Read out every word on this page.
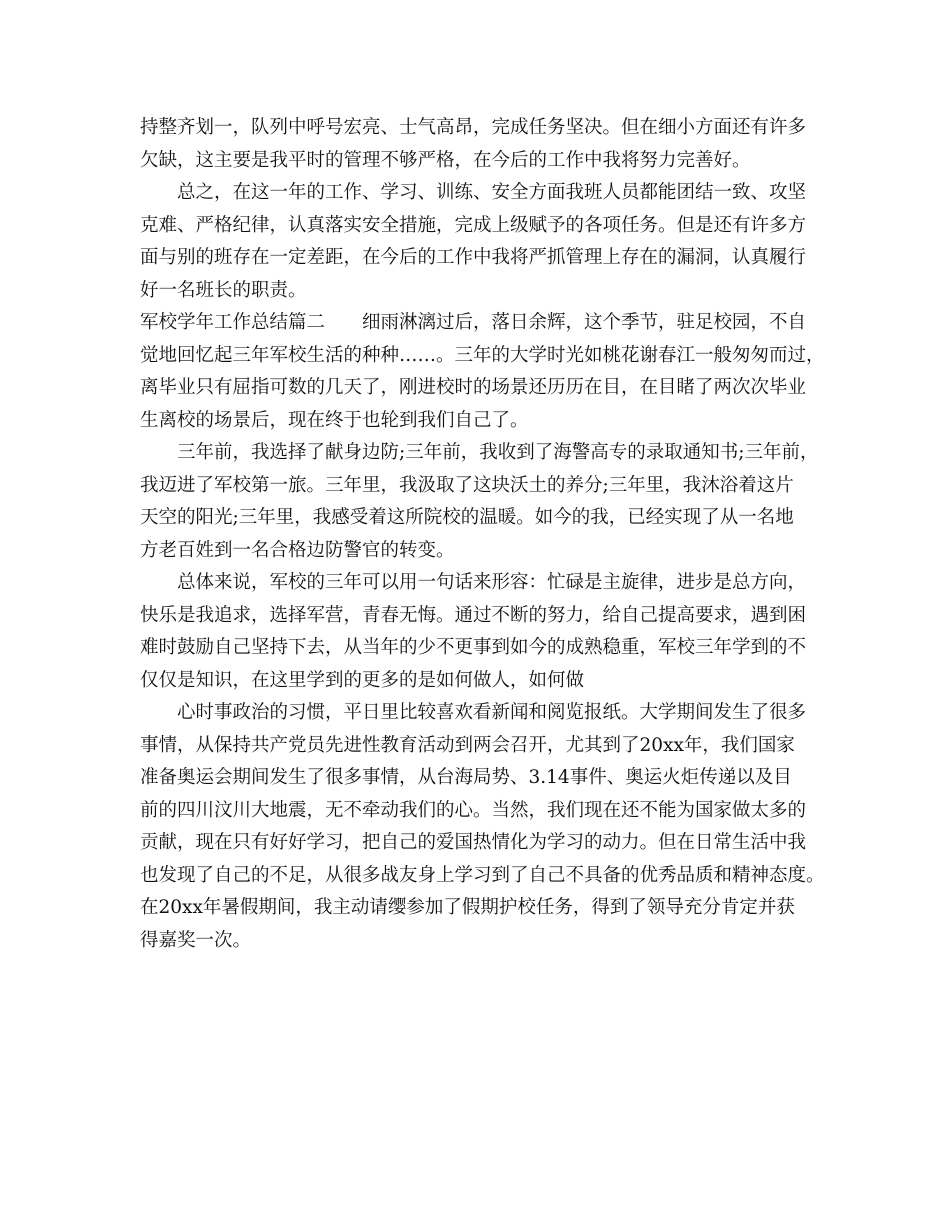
持整齐划一，队列中呼号宏亮、士气高昂，完成任务坚决。但在细小方面还有许多
欠缺，这主要是我平时的管理不够严格，在今后的工作中我将努力完善好。
总之，在这一年的工作、学习、训练、安全方面我班人员都能团结一致、攻坚
克难、严格纪律，认真落实安全措施，完成上级赋予的各项任务。但是还有许多方
面与别的班存在一定差距，在今后的工作中我将严抓管理上存在的漏洞，认真履行
好一名班长的职责。
军校学年工作总结篇二　　细雨淋漓过后，落日余辉，这个季节，驻足校园，不自
觉地回忆起三年军校生活的种种……。三年的大学时光如桃花谢春江一般匆匆而过，
离毕业只有屈指可数的几天了，刚进校时的场景还历历在目，在目睹了两次次毕业
生离校的场景后，现在终于也轮到我们自己了。
三年前，我选择了献身边防;三年前，我收到了海警高专的录取通知书;三年前，
我迈进了军校第一旅。三年里，我汲取了这块沃土的养分;三年里，我沐浴着这片
天空的阳光;三年里，我感受着这所院校的温暖。如今的我，已经实现了从一名地
方老百姓到一名合格边防警官的转变。
总体来说，军校的三年可以用一句话来形容：忙碌是主旋律，进步是总方向，
快乐是我追求，选择军营，青春无悔。通过不断的努力，给自己提高要求，遇到困
难时鼓励自己坚持下去，从当年的少不更事到如今的成熟稳重，军校三年学到的不
仅仅是知识，在这里学到的更多的是如何做人，如何做
心时事政治的习惯，平日里比较喜欢看新闻和阅览报纸。大学期间发生了很多
事情，从保持共产党员先进性教育活动到两会召开，尤其到了20xx年，我们国家
准备奥运会期间发生了很多事情，从台海局势、3.14事件、奥运火炬传递以及目
前的四川汶川大地震，无不牵动我们的心。当然，我们现在还不能为国家做太多的
贡献，现在只有好好学习，把自己的爱国热情化为学习的动力。但在日常生活中我
也发现了自己的不足，从很多战友身上学习到了自己不具备的优秀品质和精神态度。
在20xx年暑假期间，我主动请缨参加了假期护校任务，得到了领导充分肯定并获
得嘉奖一次。
